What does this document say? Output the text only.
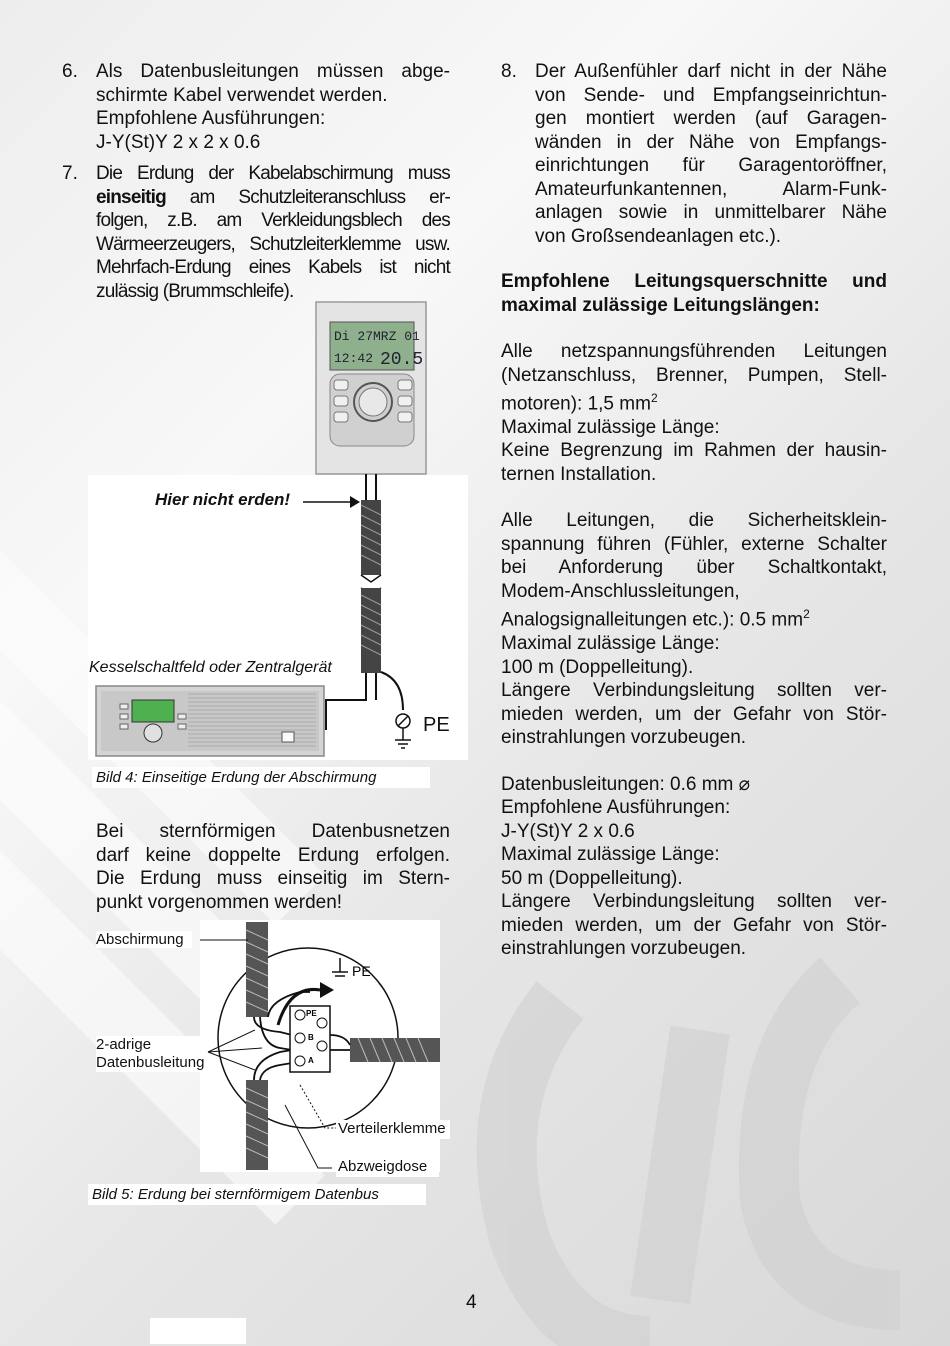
6. Als Datenbusleitungen müssen abge-
schirmte Kabel verwendet werden.
Empfohlene Ausführungen:
J-Y(St)Y 2 x 2 x 0.6
7. Die Erdung der Kabelabschirmung muss
einseitig am Schutzleiteranschluss er-
folgen, z.B. am Verkleidungsblech des
Wärmeerzeugers, Schutzleiterklemme usw.
Mehrfach-Erdung eines Kabels ist nicht
zulässig (Brummschleife).
Di 27MRZ 01
12:42 20.5
Hier nicht erden!
Kesselschaltfeld oder Zentralgerät
PE
Bild 4: Einseitige Erdung der Abschirmung
Bei sternförmigen Datenbusnetzen
darf keine doppelte Erdung erfolgen.
Die Erdung muss einseitig im Stern-
punkt vorgenommen werden!
PE
B
A
PE
Abschirmung
2-adrige
Datenbusleitung
Verteilerklemme
Abzweigdose
Bild 5: Erdung bei sternförmigem Datenbus
8. Der Außenfühler darf nicht in der Nähe
von Sende- und Empfangseinrichtun-
gen montiert werden (auf Garagen-
wänden in der Nähe von Empfangs-
einrichtungen für Garagentoröffner,
Amateurfunkantennen, Alarm-Funk-
anlagen sowie in unmittelbarer Nähe
von Großsendeanlagen etc.).
Empfohlene Leitungsquerschnitte und
maximal zulässige Leitungslängen:
Alle netzspannungsführenden Leitungen
(Netzanschluss, Brenner, Pumpen, Stell-
motoren): 1,5 $mm^2$
Maximal zulässige Länge:
Keine Begrenzung im Rahmen der hausin-
ternen Installation.
Alle Leitungen, die Sicherheitsklein-
spannung führen (Fühler, externe Schalter
bei Anforderung über Schaltkontakt,
Modem-Anschlussleitungen,
Analogsignalleitungen etc.): 0.5 $mm^2$
Maximal zulässige Länge:
100 m (Doppelleitung).
Längere Verbindungsleitung sollten ver-
mieden werden, um der Gefahr von Stör-
einstrahlungen vorzubeugen.
Datenbusleitungen: 0.6 mm ⌀
Empfohlene Ausführungen:
J-Y(St)Y 2 x 0.6
Maximal zulässige Länge:
50 m (Doppelleitung).
Längere Verbindungsleitung sollten ver-
mieden werden, um der Gefahr von Stör-
einstrahlungen vorzubeugen.
4
